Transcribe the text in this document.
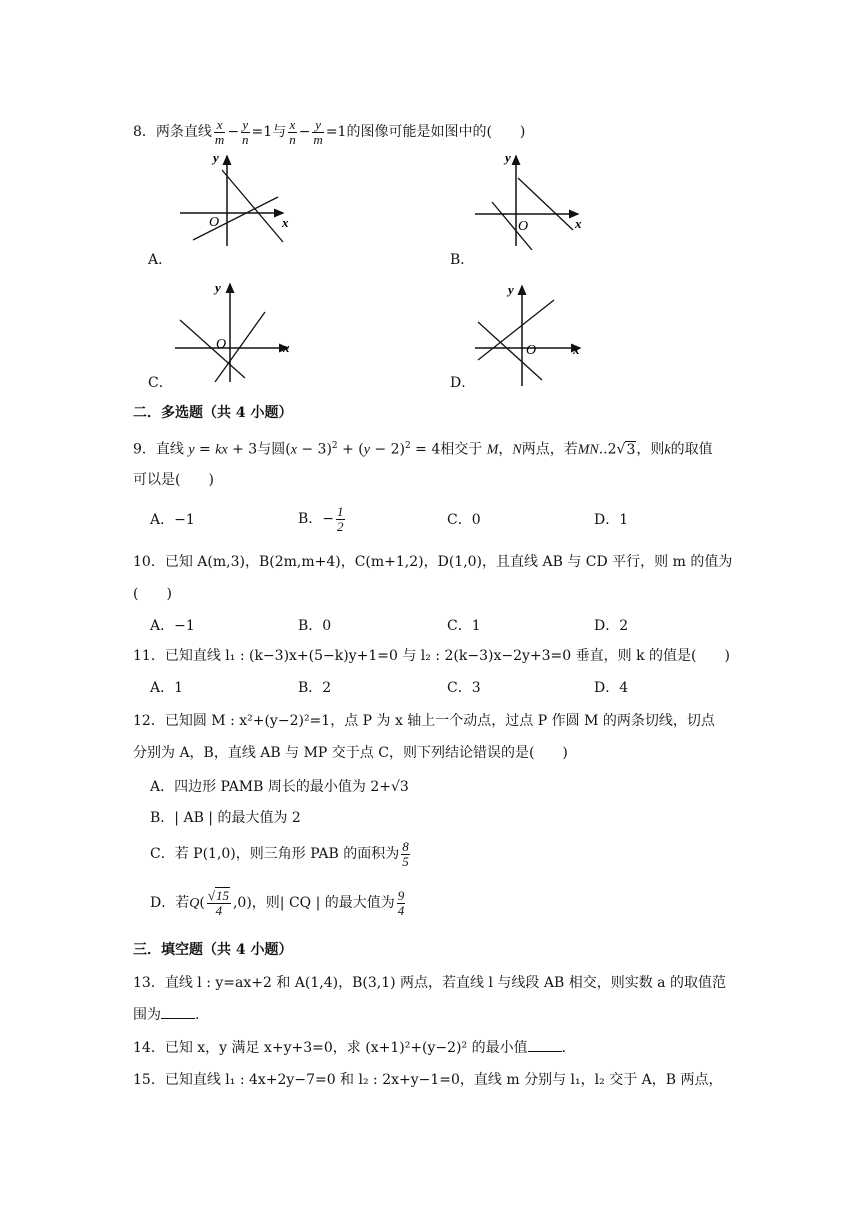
8．两条直线 $\frac{x}{m} - \frac{y}{n} =1$与 $\frac{x}{n} - \frac{y}{m} =1$的图像可能是如图中的(　　)
y
x
O
A．
y
x
O
B．
y
x
O
C．
y
x
O
D．
二．多选题（共 4 小题）
9．直线 y = kx + 3与圆$(x - 3)^2 + (y - 2)^2 = 4$相交于 M，N两点，若MN..2√3，则k的取值
可以是(　　)
A．−1	B．− $\frac{1}{2}$	C．0	D．1
10．已知 A(m,3)，B(2m,m+4)，C(m+1,2)，D(1,0)，且直线 AB 与 CD 平行，则 m 的值为
(　　)
A．−1	B．0	C．1	D．2
11．已知直线 l₁ : (k−3)x+(5−k)y+1=0 与 l₂ : 2(k−3)x−2y+3=0 垂直，则 k 的值是(　　)
A．1	B．2	C．3	D．4
12．已知圆 M : x²+(y−2)²=1，点 P 为 x 轴上一个动点，过点 P 作圆 M 的两条切线，切点
分别为 A，B，直线 AB 与 MP 交于点 C，则下列结论错误的是(　　)
A．四边形 PAMB 周长的最小值为 2+√3
B．| AB | 的最大值为 2
C．若 P(1,0)，则三角形 PAB 的面积为 $\frac{8}{5}$
D．若$Q( \frac{√15}{4} ,0)$，则| CQ | 的最大值为 $\frac{9}{4}$
三．填空题（共 4 小题）
13．直线 l : y=ax+2 和 A(1,4)，B(3,1) 两点，若直线 l 与线段 AB 相交，则实数 a 的取值范
围为 .
14．已知 x，y 满足 x+y+3=0，求 (x+1)²+(y−2)² 的最小值 .
15．已知直线 l₁ : 4x+2y−7=0 和 l₂ : 2x+y−1=0，直线 m 分别与 l₁，l₂ 交于 A，B 两点，
